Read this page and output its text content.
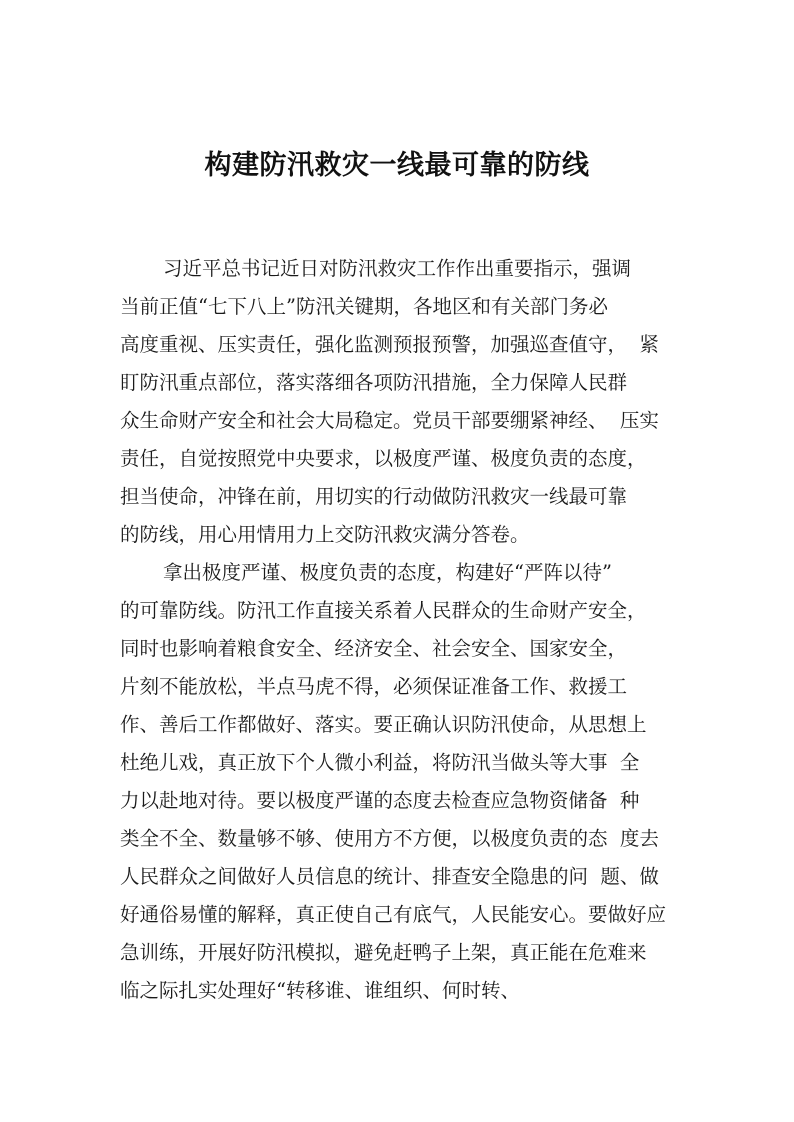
构建防汛救灾一线最可靠的防线
习近平总书记近日对防汛救灾工作作出重要指示，强调
当前正值“七下八上”防汛关键期，各地区和有关部门务必
高度重视、压实责任，强化监测预报预警，加强巡查值守，  紧
盯防汛重点部位，落实落细各项防汛措施，全力保障人民群
众生命财产安全和社会大局稳定。党员干部要绷紧神经、  压实
责任，自觉按照党中央要求，以极度严谨、极度负责的态度，
担当使命，冲锋在前，用切实的行动做防汛救灾一线最可靠
的防线，用心用情用力上交防汛救灾满分答卷。
拿出极度严谨、极度负责的态度，构建好“严阵以待”
的可靠防线。防汛工作直接关系着人民群众的生命财产安全，
同时也影响着粮食安全、经济安全、社会安全、国家安全，
片刻不能放松，半点马虎不得，必须保证准备工作、救援工
作、善后工作都做好、落实。要正确认识防汛使命，从思想上
杜绝儿戏，真正放下个人微小利益，将防汛当做头等大事  全
力以赴地对待。要以极度严谨的态度去检查应急物资储备  种
类全不全、数量够不够、使用方不方便，以极度负责的态  度去
人民群众之间做好人员信息的统计、排查安全隐患的问  题、做
好通俗易懂的解释，真正使自己有底气，人民能安心。要做好应
急训练，开展好防汛模拟，避免赶鸭子上架，真正能在危难来
临之际扎实处理好“转移谁、谁组织、何时转、
